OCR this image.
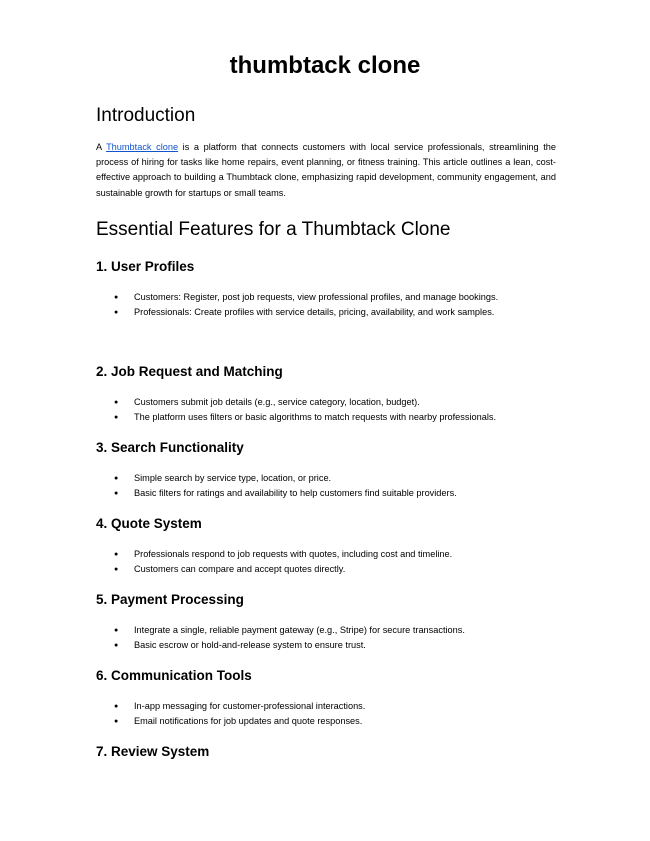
thumbtack clone
Introduction

A Thumbtack clone is a platform that connects customers with local service professionals, streamlining the process of hiring for tasks like home repairs, event planning, or fitness training. This article outlines a lean, cost-effective approach to building a Thumbtack clone, emphasizing rapid development, community engagement, and sustainable growth for startups or small teams.

Essential Features for a Thumbtack Clone
1. User Profiles
● Customers: Register, post job requests, view professional profiles, and manage bookings.
● Professionals: Create profiles with service details, pricing, availability, and work samples.
2. Job Request and Matching
● Customers submit job details (e.g., service category, location, budget).
● The platform uses filters or basic algorithms to match requests with nearby professionals.
3. Search Functionality
● Simple search by service type, location, or price.
● Basic filters for ratings and availability to help customers find suitable providers.
4. Quote System
● Professionals respond to job requests with quotes, including cost and timeline.
● Customers can compare and accept quotes directly.
5. Payment Processing
● Integrate a single, reliable payment gateway (e.g., Stripe) for secure transactions.
● Basic escrow or hold-and-release system to ensure trust.
6. Communication Tools
● In-app messaging for customer-professional interactions.
● Email notifications for job updates and quote responses.
7. Review System
